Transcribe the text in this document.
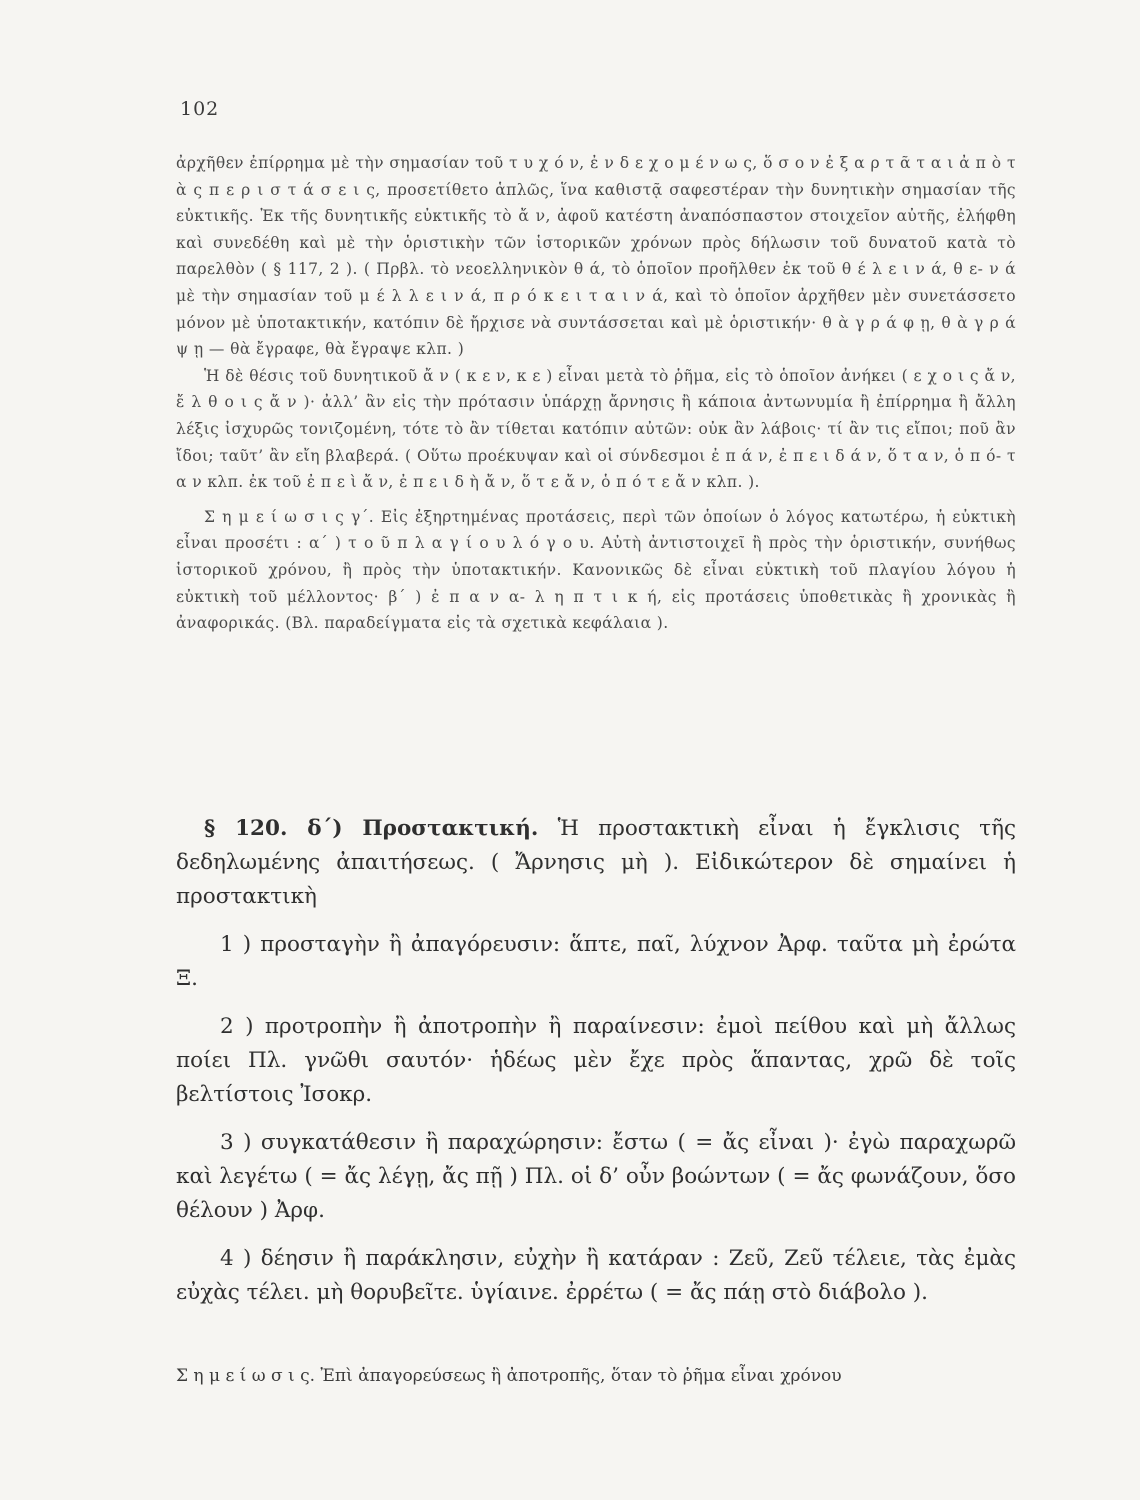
102

ἀρχῆθεν ἐπίρρημα μὲ τὴν σημασίαν τοῦ τ υ χ ό ν, ἐ ν δ ε χ ο μ έ ν ω ς, ὅ σ ο ν ἐ ξ α ρ τ ᾶ τ α ι ἀ π ὸ τ ὰ ς π ε ρ ι σ τ ά σ ε ι ς, προσετίθετο ἁπλῶς, ἵνα καθιστᾷ σαφεστέραν τὴν δυνητικὴν σημασίαν τῆς εὐκτικῆς. Ἐκ τῆς δυνητικῆς εὐκτικῆς τὸ ἄ ν, ἀφοῦ κατέστη ἀναπόσπαστον στοιχεῖον αὐτῆς, ἐλήφθη καὶ συνεδέθη καὶ μὲ τὴν ὁριστικὴν τῶν ἱστορικῶν χρόνων πρὸς δήλωσιν τοῦ δυνατοῦ κατὰ τὸ παρελθὸν ( § 117, 2 ). ( Πρβλ. τὸ νεοελληνικὸν θ ά, τὸ ὁποῖον προῆλθεν ἐκ τοῦ θ έ λ ε ι ν ά, θ ε- ν ά μὲ τὴν σημασίαν τοῦ μ έ λ λ ε ι ν ά, π ρ ό κ ε ι τ α ι ν ά, καὶ τὸ ὁποῖον ἀρχῆθεν μὲν συνετάσσετο μόνον μὲ ὑποτακτικήν, κατόπιν δὲ ἤρχισε νὰ συντάσσεται καὶ μὲ ὁριστικήν· θ ὰ γ ρ ά φ ῃ, θ ὰ γ ρ ά ψ ῃ — θὰ ἔγραφε, θὰ ἔγραψε κλπ. )

Ἡ δὲ θέσις τοῦ δυνητικοῦ ἄ ν ( κ ε ν, κ ε ) εἶναι μετὰ τὸ ῥῆμα, εἰς τὸ ὁποῖον ἀνήκει ( ε χ ο ι ς ἄ ν, ἔ λ θ ο ι ς ἄ ν )· ἀλλ’ ἂν εἰς τὴν πρότασιν ὑπάρχῃ ἄρνησις ἢ κάποια ἀντωνυμία ἢ ἐπίρρημα ἢ ἄλλη λέξις ἰσχυρῶς τονιζομένη, τότε τὸ ἂν τίθεται κατόπιν αὐτῶν: οὐκ ἂν λάβοις· τί ἂν τις εἴποι; ποῦ ἂν ἴδοι; ταῦτ’ ἂν εἴη βλαβερά. ( Οὕτω προέκυψαν καὶ οἱ σύνδεσμοι ἐ π ά ν, ἐ π ε ι δ ά ν, ὅ τ α ν, ὁ π ό- τ α ν κλπ. ἐκ τοῦ ἐ π ε ὶ ἄ ν, ἐ π ε ι δ ὴ ἄ ν, ὅ τ ε ἄ ν, ὁ π ό τ ε ἄ ν κλπ. ).

Σ η μ ε ί ω σ ι ς γ΄. Εἰς ἐξηρτημένας προτάσεις, περὶ τῶν ὁποίων ὁ λόγος κατωτέρω, ἡ εὐκτικὴ εἶναι προσέτι : α΄ ) τ ο ῦ π λ α γ ί ο υ λ ό γ ο υ. Αὐτὴ ἀντιστοιχεῖ ἢ πρὸς τὴν ὁριστικήν, συνήθως ἱστορικοῦ χρόνου, ἢ πρὸς τὴν ὑποτακτικήν. Κανονικῶς δὲ εἶναι εὐκτικὴ τοῦ πλαγίου λόγου ἡ εὐκτικὴ τοῦ μέλλοντος· β΄ ) ἐ π α ν α- λ η π τ ι κ ή, εἰς προτάσεις ὑποθετικὰς ἢ χρονικὰς ἢ ἀναφορικάς. (Βλ. παραδείγματα εἰς τὰ σχετικὰ κεφάλαια ).

§ 120. δ΄) Προστακτική. Ἡ προστακτικὴ εἶναι ἡ ἔγκλισις τῆς δεδηλωμένης ἀπαιτήσεως. ( Ἄρνησις μὴ ). Εἰδικώτερον δὲ σημαίνει ἡ προστακτικὴ

1 ) προσταγὴν ἢ ἀπαγόρευσιν: ἅπτε, παῖ, λύχνον Ἀρφ. ταῦτα μὴ ἐρώτα Ξ.

2 ) προτροπὴν ἢ ἀποτροπὴν ἢ παραίνεσιν: ἐμοὶ πείθου καὶ μὴ ἄλλως ποίει Πλ. γνῶθι σαυτόν· ἡδέως μὲν ἔχε πρὸς ἅπαντας, χρῶ δὲ τοῖς βελτίστοις Ἰσοκρ.

3 ) συγκατάθεσιν ἢ παραχώρησιν: ἔστω ( = ἄς εἶναι )· ἐγὼ παραχωρῶ καὶ λεγέτω ( = ἄς λέγῃ, ἄς πῇ ) Πλ. οἱ δ’ οὖν βοώντων ( = ἄς φωνάζουν, ὅσο θέλουν ) Ἀρφ.

4 ) δέησιν ἢ παράκλησιν, εὐχὴν ἢ κατάραν : Ζεῦ, Ζεῦ τέλειε, τὰς ἐμὰς εὐχὰς τέλει. μὴ θορυβεῖτε. ὑγίαινε. ἐρρέτω ( = ἄς πάῃ στὸ διάβολο ).

Σ η μ ε ί ω σ ι ς. Ἐπὶ ἀπαγορεύσεως ἢ ἀποτροπῆς, ὅταν τὸ ῥῆμα εἶναι χρόνου
